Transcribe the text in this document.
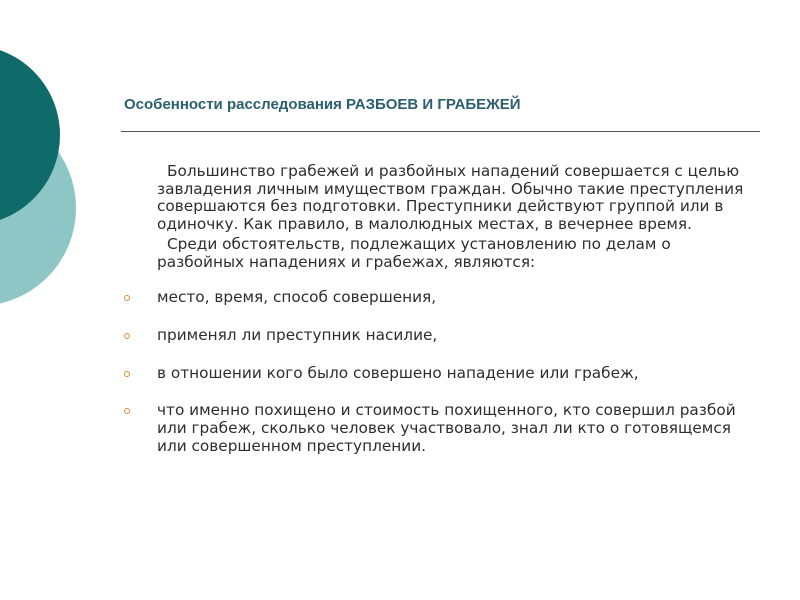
Особенности расследования РАЗБОЕВ И ГРАБЕЖЕЙ

Большинство грабежей и разбойных нападений совершается с целью завладения личным имуществом граждан. Обычно такие преступления совершаются без подготовки. Преступники действуют группой или в одиночку. Как правило, в малолюдных местах, в вечернее время.

Среди обстоятельств, подлежащих установлению по делам о разбойных нападениях и грабежах, являются:

место, время, способ совершения,
применял ли преступник насилие,
в отношении кого было совершено нападение или грабеж,
что именно похищено и стоимость похищенного, кто совершил разбой или грабеж, сколько человек участвовало, знал ли кто о готовящемся или совершенном преступлении.
